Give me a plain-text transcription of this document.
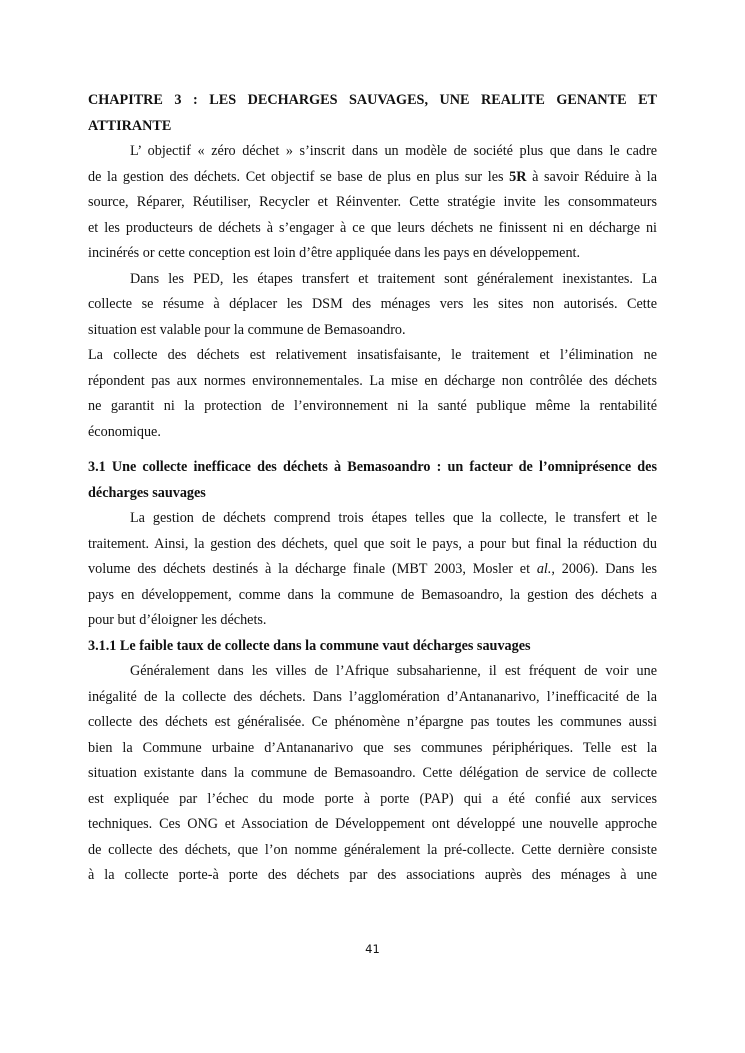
CHAPITRE 3 : LES DECHARGES SAUVAGES, UNE REALITE GENANTE ET
ATTIRANTE
L’ objectif « zéro déchet » s’inscrit dans un modèle de société plus que dans le cadre
de la gestion des déchets. Cet objectif se base de plus en plus sur les 5R à savoir Réduire à la
source, Réparer, Réutiliser, Recycler et Réinventer. Cette stratégie invite les consommateurs
et les producteurs de déchets à s’engager à ce que leurs déchets ne finissent ni en décharge ni
incinérés or cette conception est loin d’être appliquée dans les pays en développement.
Dans les PED, les étapes transfert et traitement sont généralement inexistantes. La
collecte se résume à déplacer les DSM des ménages vers les sites non autorisés. Cette
situation est valable pour la commune de Bemasoandro.
La collecte des déchets est relativement insatisfaisante, le traitement et l’élimination ne
répondent pas aux normes environnementales. La mise en décharge non contrôlée des déchets
ne garantit ni la protection de l’environnement ni la santé publique même la rentabilité
économique.
3.1 Une collecte inefficace des déchets à Bemasoandro : un facteur de l’omniprésence des
décharges sauvages
La gestion de déchets comprend trois étapes telles que la collecte, le transfert et le
traitement. Ainsi, la gestion des déchets, quel que soit le pays, a pour but final la réduction du
volume des déchets destinés à la décharge finale (MBT 2003, Mosler et al., 2006). Dans les
pays en développement, comme dans la commune de Bemasoandro, la gestion des déchets a
pour but d’éloigner les déchets.
3.1.1 Le faible taux de collecte dans la commune vaut décharges sauvages
Généralement dans les villes de l’Afrique subsaharienne, il est fréquent de voir une
inégalité de la collecte des déchets. Dans l’agglomération d’Antananarivo, l’inefficacité de la
collecte des déchets est généralisée. Ce phénomène n’épargne pas toutes les communes aussi
bien la Commune urbaine d’Antananarivo que ses communes périphériques. Telle est la
situation existante dans la commune de Bemasoandro. Cette délégation de service de collecte
est expliquée par l’échec du mode porte à porte (PAP) qui a été confié aux services
techniques. Ces ONG et Association de Développement ont développé une nouvelle approche
de collecte des déchets, que l’on nomme généralement la pré-collecte. Cette dernière consiste
à la collecte porte-à porte des déchets par des associations auprès des ménages à une
41
